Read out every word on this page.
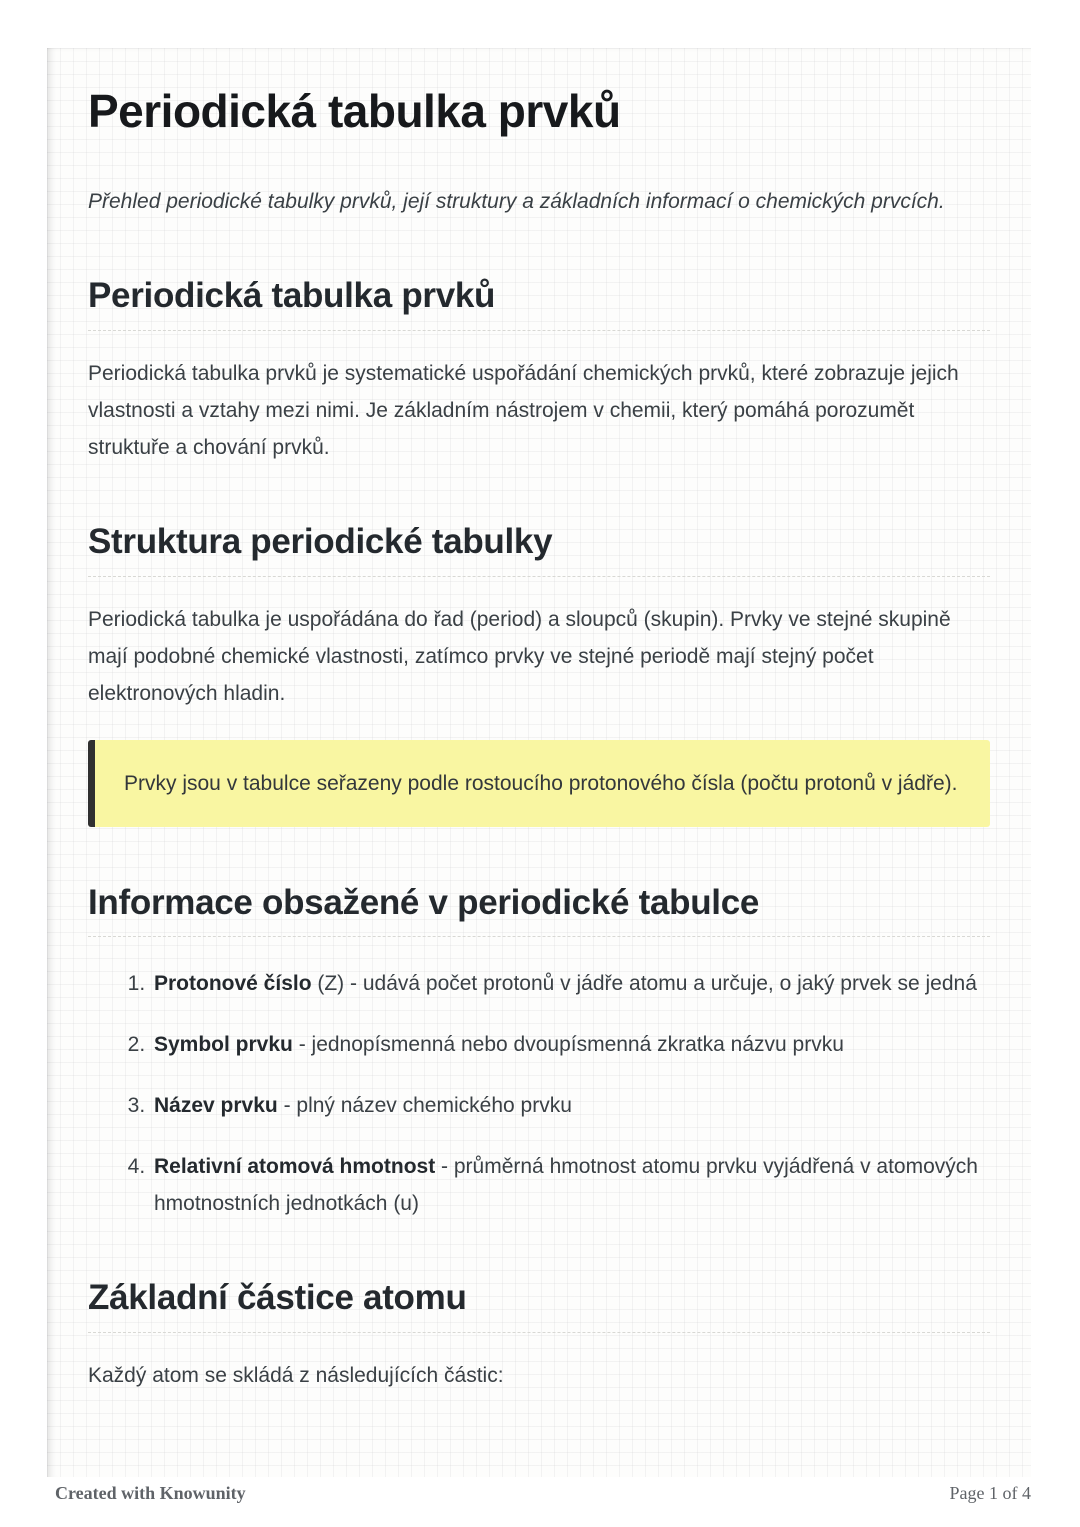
Periodická tabulka prvků

Přehled periodické tabulky prvků, její struktury a základních informací o chemických prvcích.

Periodická tabulka prvků

Periodická tabulka prvků je systematické uspořádání chemických prvků, které zobrazuje jejich vlastnosti a vztahy mezi nimi. Je základním nástrojem v chemii, který pomáhá porozumět struktuře a chování prvků.

Struktura periodické tabulky

Periodická tabulka je uspořádána do řad (period) a sloupců (skupin). Prvky ve stejné skupině mají podobné chemické vlastnosti, zatímco prvky ve stejné periodě mají stejný počet elektronových hladin.

Prvky jsou v tabulce seřazeny podle rostoucího protonového čísla (počtu protonů v jádře).

Informace obsažené v periodické tabulce
1. Protonové číslo (Z) - udává počet protonů v jádře atomu a určuje, o jaký prvek se jedná
2. Symbol prvku - jednopísmenná nebo dvoupísmenná zkratka názvu prvku
3. Název prvku - plný název chemického prvku
4. Relativní atomová hmotnost - průměrná hmotnost atomu prvku vyjádřená v atomových hmotnostních jednotkách (u)
Základní částice atomu

Každý atom se skládá z následujících částic:

Created with Knowunity	Page 1 of 4
